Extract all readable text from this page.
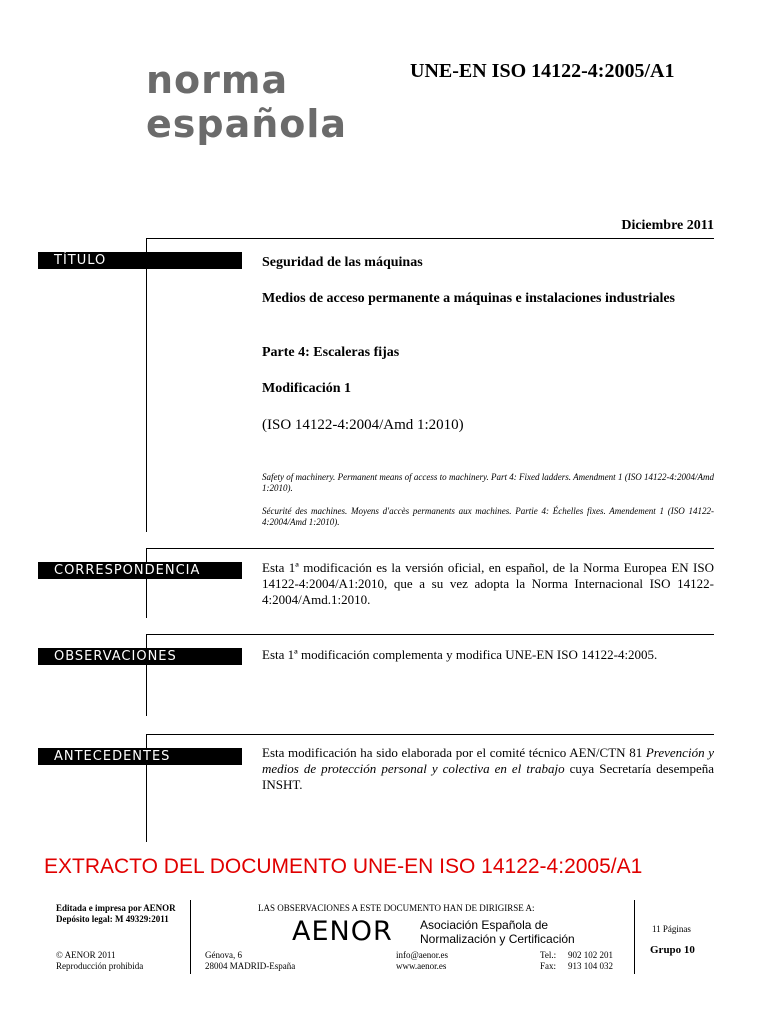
norma
española
UNE-EN ISO 14122-4:2005/A1
Diciembre 2011
TÍTULO	Seguridad de las máquinas
Medios de acceso permanente a máquinas e instalaciones industriales
Parte 4: Escaleras fijas
Modificación 1
(ISO 14122-4:2004/Amd 1:2010)
Safety of machinery. Permanent means of access to machinery. Part 4: Fixed ladders. Amendment 1 (ISO 14122-4:2004/Amd 1:2010).
Sécurité des machines. Moyens d'accès permanents aux machines. Partie 4: Échelles fixes. Amendement 1 (ISO 14122-4:2004/Amd 1:2010).
CORRESPONDENCIA	Esta 1ª modificación es la versión oficial, en español, de la Norma Europea EN ISO 14122-4:2004/A1:2010, que a su vez adopta la Norma Internacional ISO 14122-4:2004/Amd.1:2010.
OBSERVACIONES	Esta 1ª modificación complementa y modifica UNE-EN ISO 14122-4:2005.
ANTECEDENTES	Esta modificación ha sido elaborada por el comité técnico AEN/CTN 81 Prevención y medios de protección personal y colectiva en el trabajo cuya Secretaría desempeña INSHT.
EXTRACTO DEL DOCUMENTO UNE-EN ISO 14122-4:2005/A1
Editada e impresa por AENOR
Depósito legal: M 49329:2011
© AENOR 2011
Reproducción prohibida
LAS OBSERVACIONES A ESTE DOCUMENTO HAN DE DIRIGIRSE A:
AENOR Asociación Española de
Normalización y Certificación
Génova, 6
28004 MADRID-España
info@aenor.es
www.aenor.es
Tel.: 902 102 201
Fax: 913 104 032
11 Páginas
Grupo 10
